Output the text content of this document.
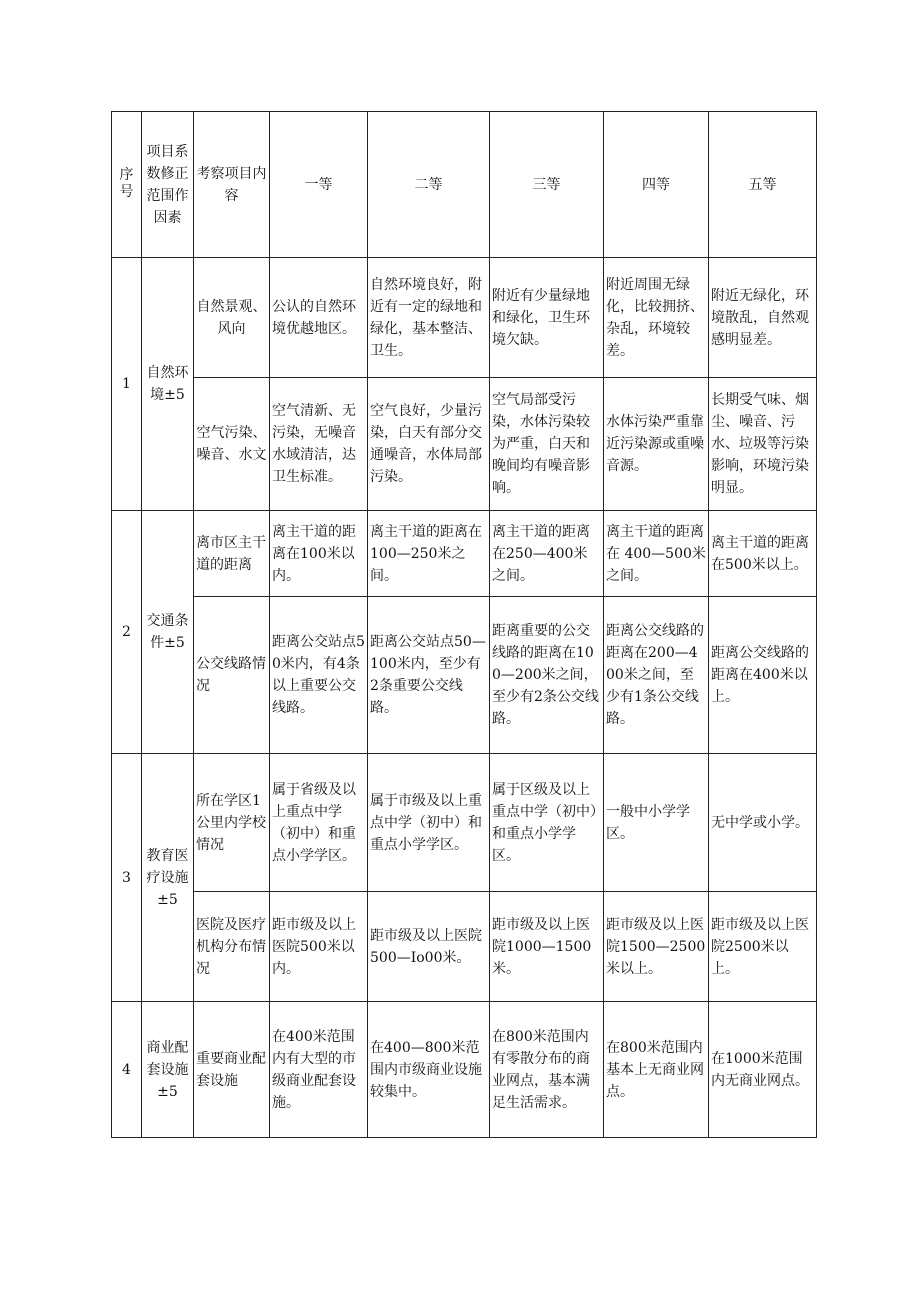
序号	项目系数修正范围作因素	考察项目内容	一等	二等	三等	四等	五等
1	自然环境±5	自然景观、风向	公认的自然环境优越地区。	自然环境良好，附近有一定的绿地和绿化，基本整洁、卫生。	附近有少量绿地和绿化，卫生环境欠缺。	附近周围无绿化，比较拥挤、杂乱，环境较差。	附近无绿化，环境散乱，自然观感明显差。
		空气污染、噪音、水文	空气清新、无污染，无噪音水域清洁，达卫生标准。	空气良好，少量污染，白天有部分交通噪音，水体局部污染。	空气局部受污染，水体污染较为严重，白天和晚间均有噪音影响。	水体污染严重靠近污染源或重噪音源。	长期受气味、烟尘、噪音、污水、垃圾等污染影响，环境污染明显。
2	交通条件±5	离市区主干道的距离	离主干道的距离在100米以内。	离主干道的距离在100—250米之间。	离主干道的距离在250—400米之间。	离主干道的距离在 400—500米之间。	离主干道的距离在500米以上。
		公交线路情况	距离公交站点50米内，有4条以上重要公交线路。	距离公交站点50—100米内，至少有2条重要公交线路。	距离重要的公交线路的距离在100—200米之间，至少有2条公交线路。	距离公交线路的距离在200—400米之间，至少有1条公交线路。	距离公交线路的距离在400米以上。
3	教育医疗设施±5	所在学区1公里内学校情况	属于省级及以上重点中学（初中）和重点小学学区。	属于市级及以上重点中学（初中）和重点小学学区。	属于区级及以上重点中学（初中）和重点小学学区。	一般中小学学区。	无中学或小学。
		医院及医疗机构分布情况	距市级及以上医院500米以内。	距市级及以上医院500—Io00米。	距市级及以上医院1000—1500米。	距市级及以上医院1500—2500米以上。	距市级及以上医院2500米以上。
4	商业配套设施±5	重要商业配套设施	在400米范围内有大型的市级商业配套设施。	在400—800米范围内市级商业设施较集中。	在800米范围内有零散分布的商业网点，基本满足生活需求。	在800米范围内基本上无商业网点。	在1000米范围内无商业网点。
